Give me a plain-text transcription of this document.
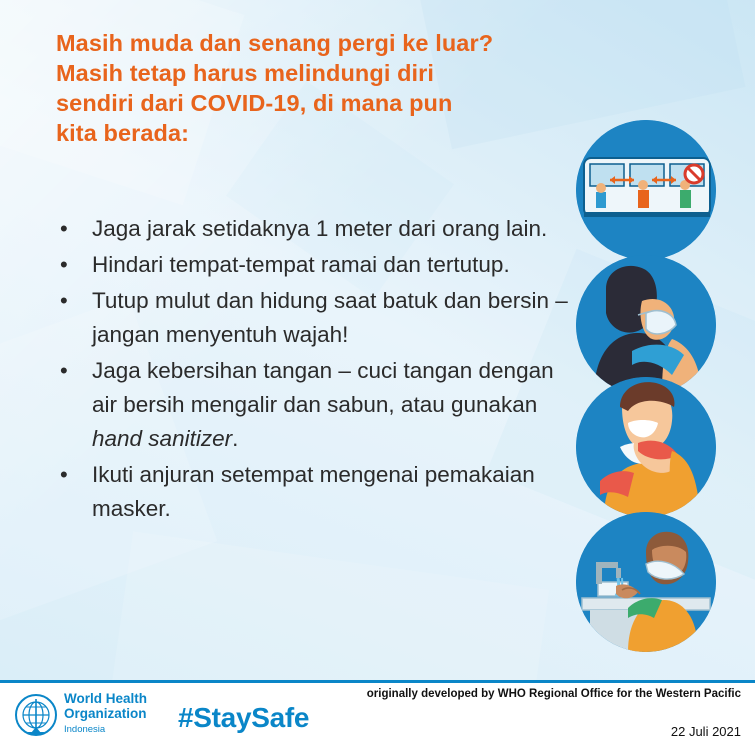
Masih muda dan senang pergi ke luar?
Masih tetap harus melindungi diri
sendiri dari COVID-19, di mana pun
kita berada:
• Jaga jarak setidaknya 1 meter dari orang lain.
• Hindari tempat-tempat ramai dan tertutup.
• Tutup mulut dan hidung saat batuk dan bersin – jangan menyentuh wajah!
• Jaga kebersihan tangan – cuci tangan dengan air bersih mengalir dan sabun, atau gunakan hand sanitizer.
• Ikuti anjuran setempat mengenai pemakaian masker.
World Health
Organization
Indonesia	#StaySafe
originally developed by WHO Regional Office for the Western Pacific
22 Juli 2021
